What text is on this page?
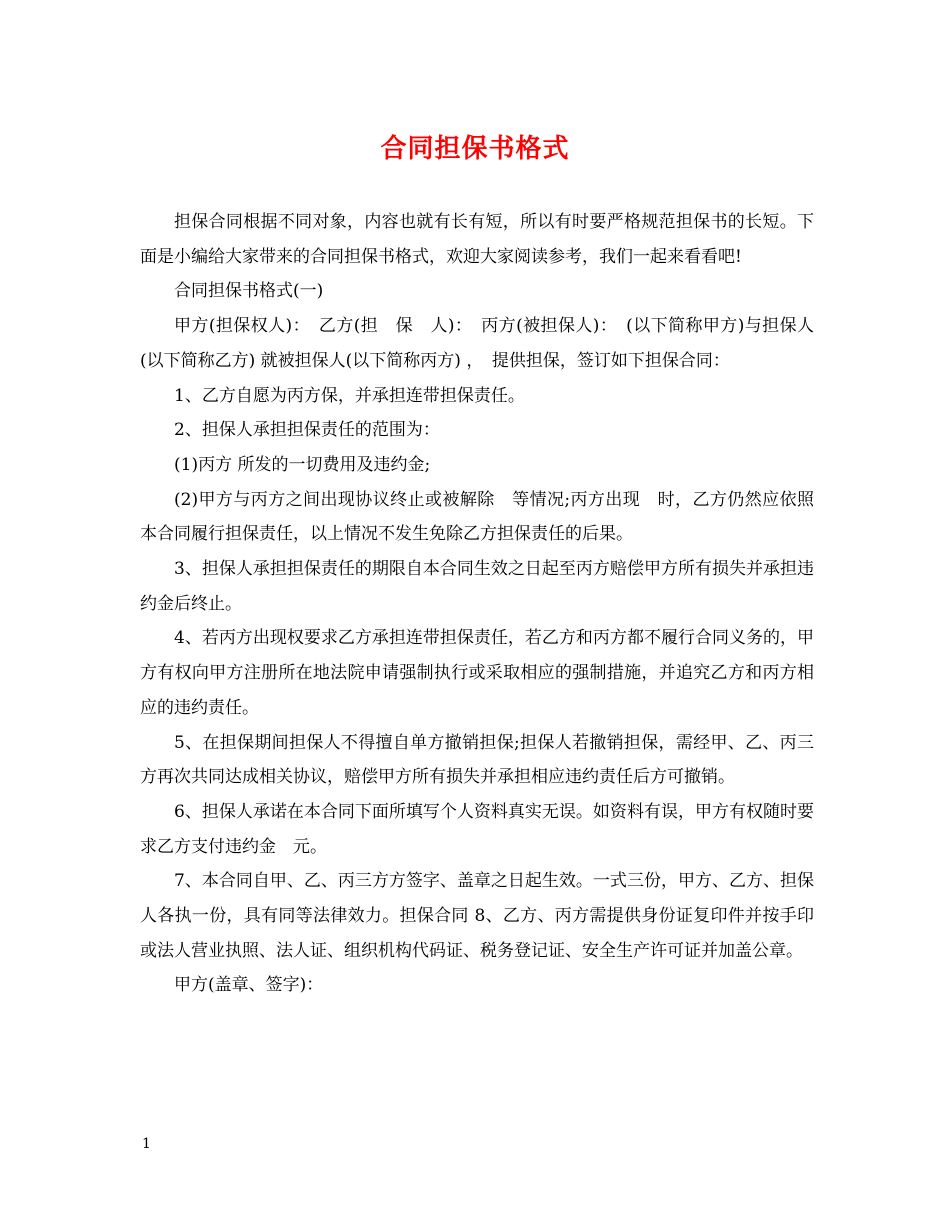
合同担保书格式

担保合同根据不同对象，内容也就有长有短，所以有时要严格规范担保书的长短。下面是小编给大家带来的合同担保书格式，欢迎大家阅读参考，我们一起来看看吧!

合同担保书格式(一)

甲方(担保权人)：　乙方(担　保　人)：　丙方(被担保人)：　(以下简称甲方)与担保人(以下简称乙方) 就被担保人(以下简称丙方) ，　提供担保，签订如下担保合同：

1、乙方自愿为丙方保，并承担连带担保责任。

2、担保人承担担保责任的范围为：

(1)丙方 所发的一切费用及违约金;

(2)甲方与丙方之间出现协议终止或被解除　等情况;丙方出现　时，乙方仍然应依照本合同履行担保责任，以上情况不发生免除乙方担保责任的后果。

3、担保人承担担保责任的期限自本合同生效之日起至丙方赔偿甲方所有损失并承担违约金后终止。

4、若丙方出现权要求乙方承担连带担保责任，若乙方和丙方都不履行合同义务的，甲方有权向甲方注册所在地法院申请强制执行或采取相应的强制措施，并追究乙方和丙方相应的违约责任。

5、在担保期间担保人不得擅自单方撤销担保;担保人若撤销担保，需经甲、乙、丙三方再次共同达成相关协议，赔偿甲方所有损失并承担相应违约责任后方可撤销。

6、担保人承诺在本合同下面所填写个人资料真实无误。如资料有误，甲方有权随时要求乙方支付违约金　元。

7、本合同自甲、乙、丙三方方签字、盖章之日起生效。一式三份，甲方、乙方、担保人各执一份，具有同等法律效力。担保合同 8、乙方、丙方需提供身份证复印件并按手印或法人营业执照、法人证、组织机构代码证、税务登记证、安全生产许可证并加盖公章。

甲方(盖章、签字)：

1
